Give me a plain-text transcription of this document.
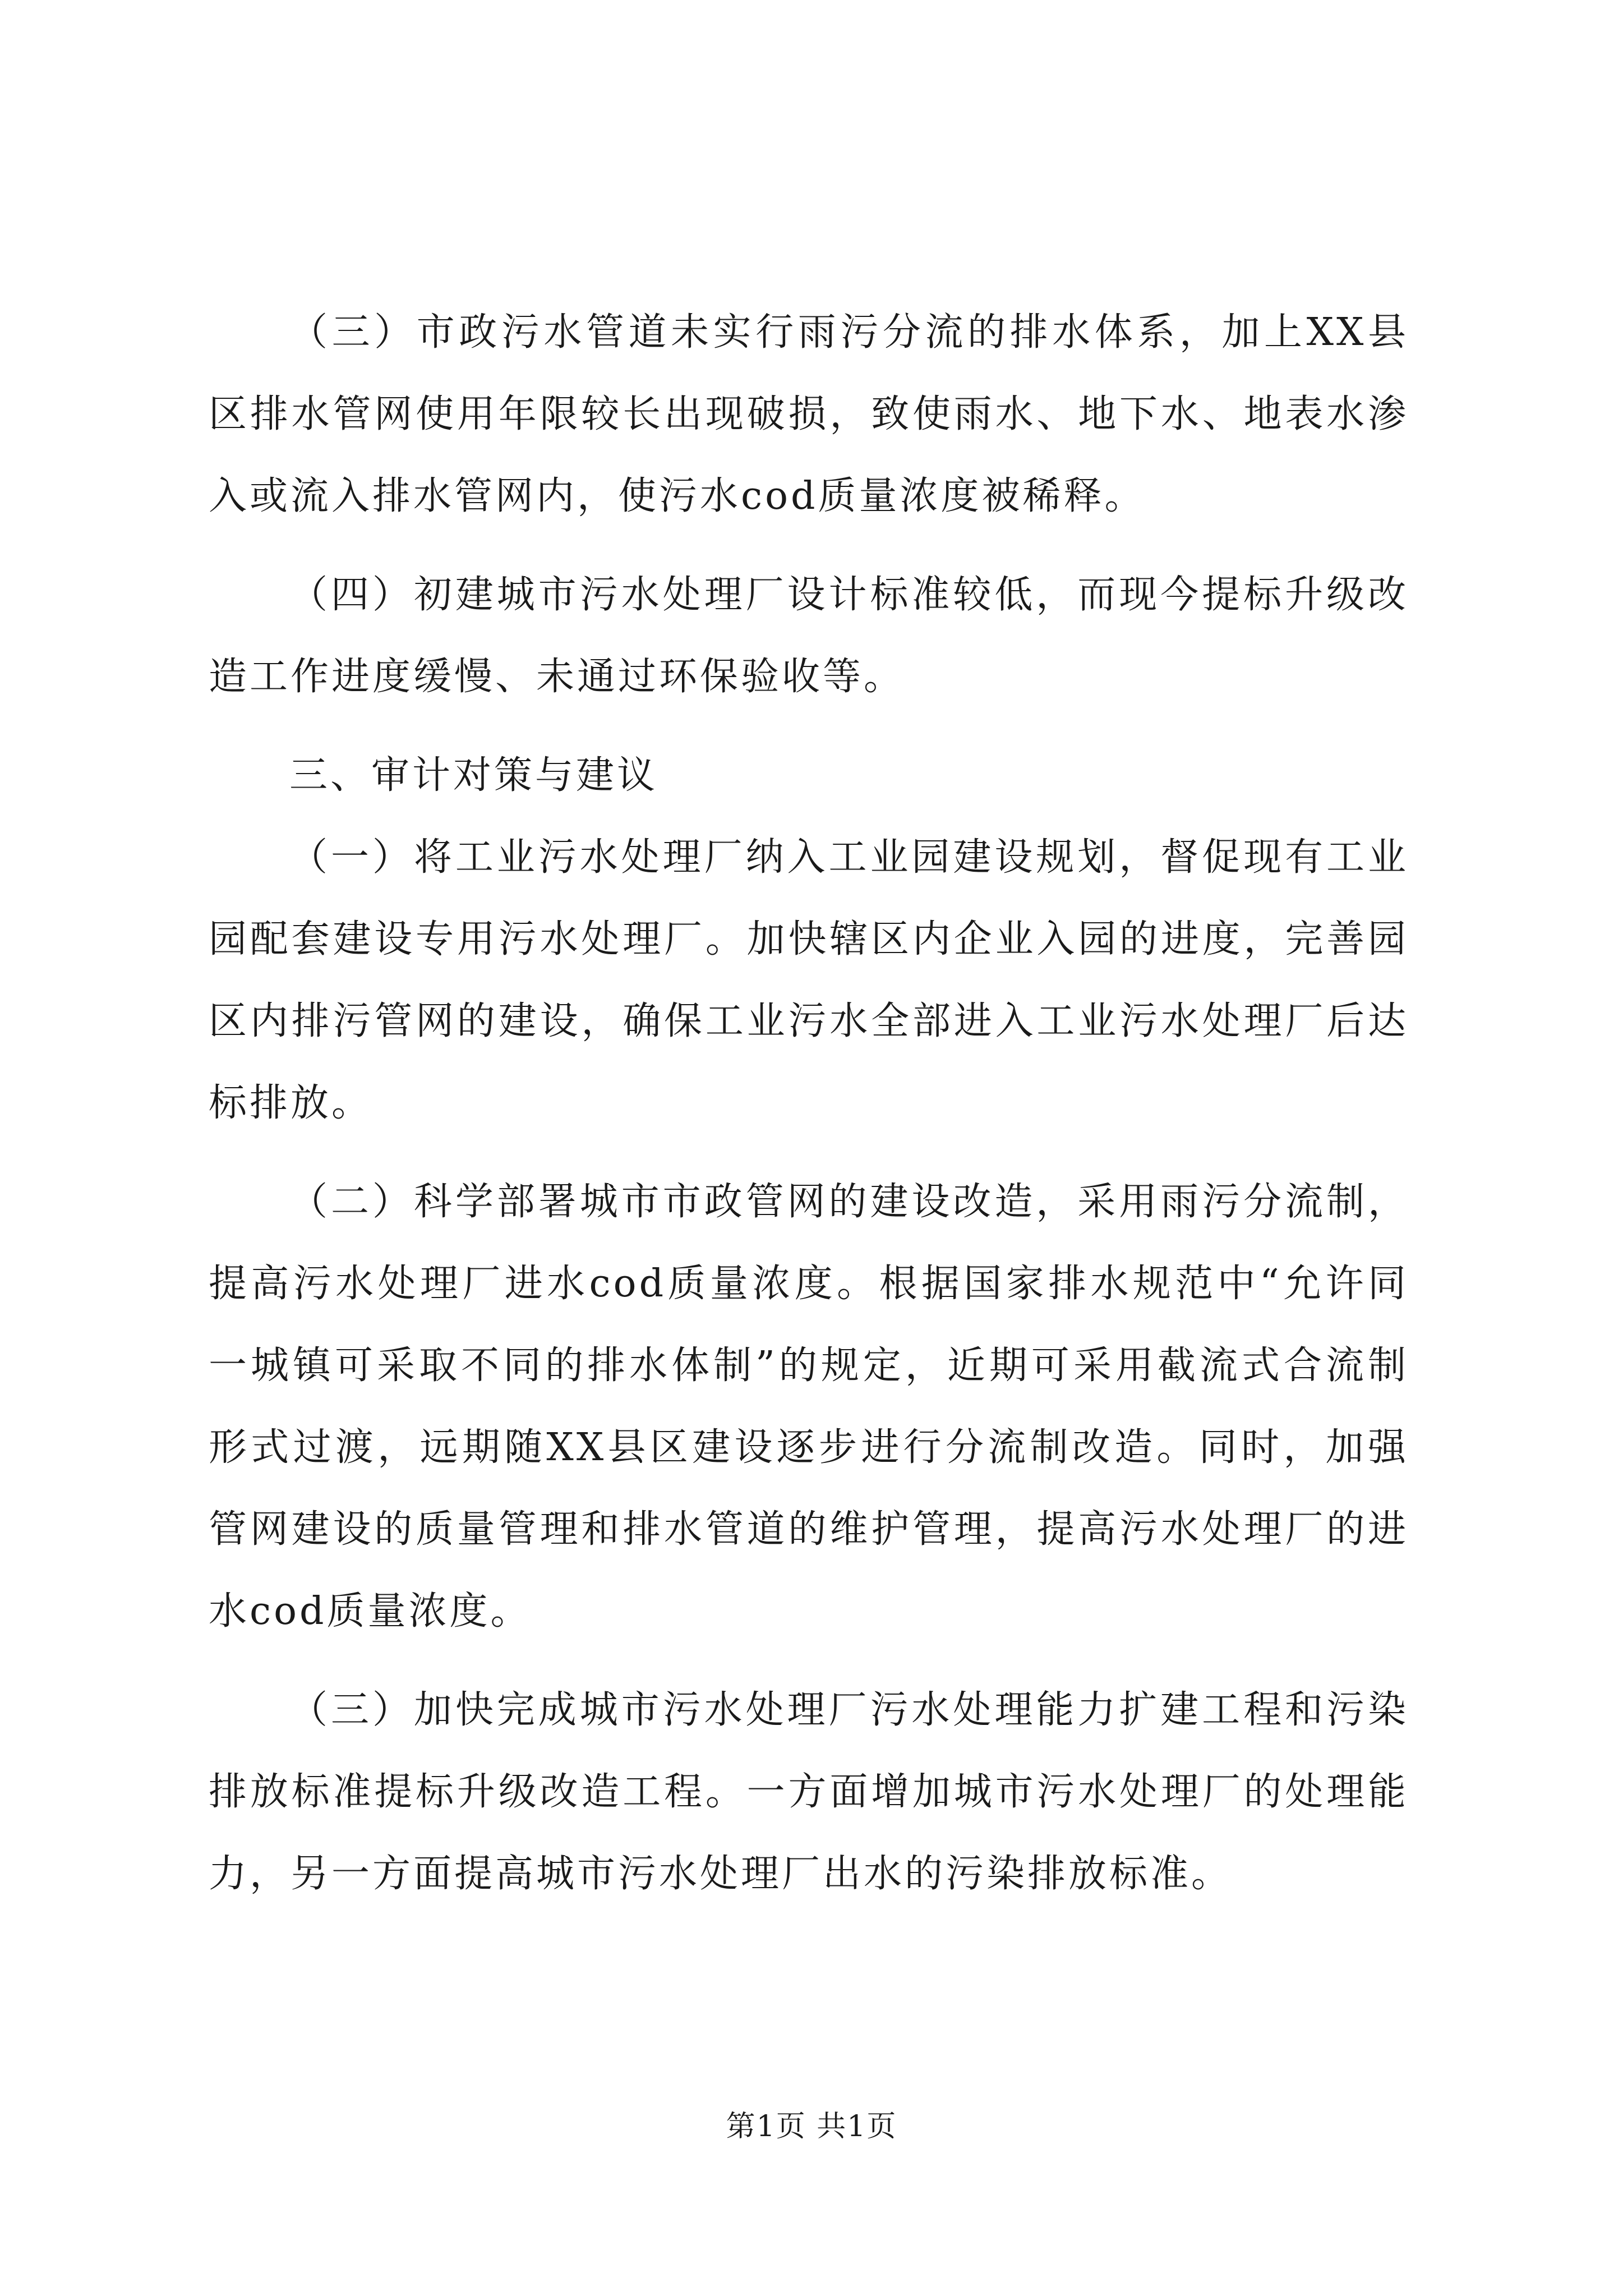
（三）市政污水管道未实行雨污分流的排水体系，加上XX县区排水管网使用年限较长出现破损，致使雨水、地下水、地表水渗入或流入排水管网内，使污水cod质量浓度被稀释。

（四）初建城市污水处理厂设计标准较低，而现今提标升级改造工作进度缓慢、未通过环保验收等。

三、审计对策与建议

（一）将工业污水处理厂纳入工业园建设规划，督促现有工业园配套建设专用污水处理厂。加快辖区内企业入园的进度，完善园区内排污管网的建设，确保工业污水全部进入工业污水处理厂后达标排放。

（二）科学部署城市市政管网的建设改造，采用雨污分流制，提高污水处理厂进水cod质量浓度。根据国家排水规范中“允许同一城镇可采取不同的排水体制”的规定，近期可采用截流式合流制形式过渡，远期随XX县区建设逐步进行分流制改造。同时，加强管网建设的质量管理和排水管道的维护管理，提高污水处理厂的进水cod质量浓度。

（三）加快完成城市污水处理厂污水处理能力扩建工程和污染排放标准提标升级改造工程。一方面增加城市污水处理厂的处理能力，另一方面提高城市污水处理厂出水的污染排放标准。

第1页 共1页
